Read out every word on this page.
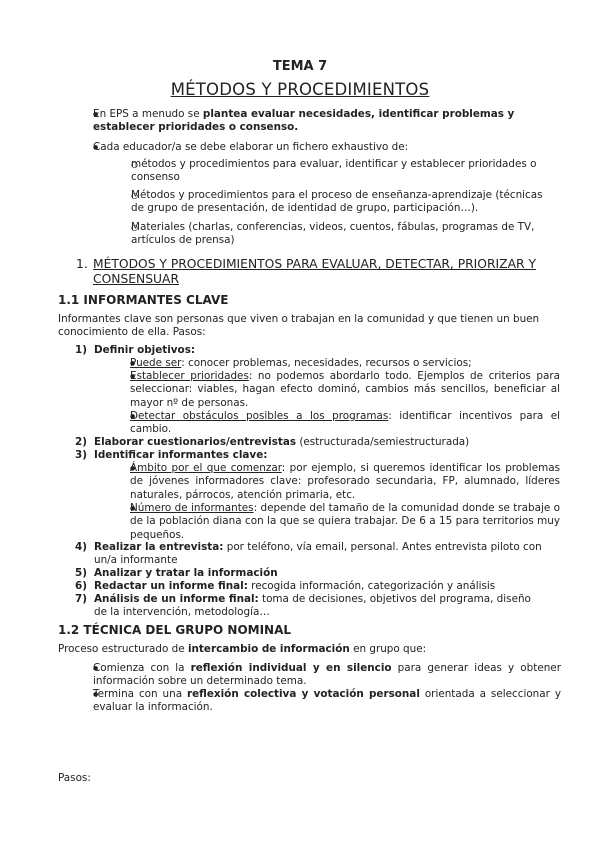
TEMA 7
MÉTODOS Y PROCEDIMIENTOS
● En EPS a menudo se plantea evaluar necesidades, identificar problemas y establecer prioridades o consenso.
● Cada educador/a se debe elaborar un fichero exhaustivo de:
○ métodos y procedimientos para evaluar, identificar y establecer prioridades o consenso
○ Métodos y procedimientos para el proceso de enseñanza-aprendizaje (técnicas de grupo de presentación, de identidad de grupo, participación…).
○ Materiales (charlas, conferencias, videos, cuentos, fábulas, programas de TV, artículos de prensa)
1. MÉTODOS Y PROCEDIMIENTOS PARA EVALUAR, DETECTAR, PRIORIZAR Y CONSENSUAR
1.1 INFORMANTES CLAVE
Informantes clave son personas que viven o trabajan en la comunidad y que tienen un buen conocimiento de ella. Pasos:
1) Definir objetivos:
● Puede ser: conocer problemas, necesidades, recursos o servicios;
● Establecer prioridades: no podemos abordarlo todo. Ejemplos de criterios para seleccionar: viables, hagan efecto dominó, cambios más sencillos, beneficiar al mayor nº de personas.
● Detectar obstáculos posibles a los programas: identificar incentivos para el cambio.
2) Elaborar cuestionarios/entrevistas (estructurada/semiestructurada)
3) Identificar informantes clave:
● Ámbito por el que comenzar: por ejemplo, si queremos identificar los problemas de jóvenes informadores clave: profesorado secundaria, FP, alumnado, líderes naturales, párrocos, atención primaria, etc.
● Número de informantes: depende del tamaño de la comunidad donde se trabaje o de la población diana con la que se quiera trabajar. De 6 a 15 para territorios muy pequeños.
4) Realizar la entrevista: por teléfono, vía email, personal. Antes entrevista piloto con un/a informante
5) Analizar y tratar la información
6) Redactar un informe final: recogida información, categorización y análisis
7) Análisis de un informe final: toma de decisiones, objetivos del programa, diseño de la intervención, metodología…
1.2 TÉCNICA DEL GRUPO NOMINAL
Proceso estructurado de intercambio de información en grupo que:
● Comienza con la reflexión individual y en silencio para generar ideas y obtener información sobre un determinado tema.
● Termina con una reflexión colectiva y votación personal orientada a seleccionar y evaluar la información.
Pasos:
